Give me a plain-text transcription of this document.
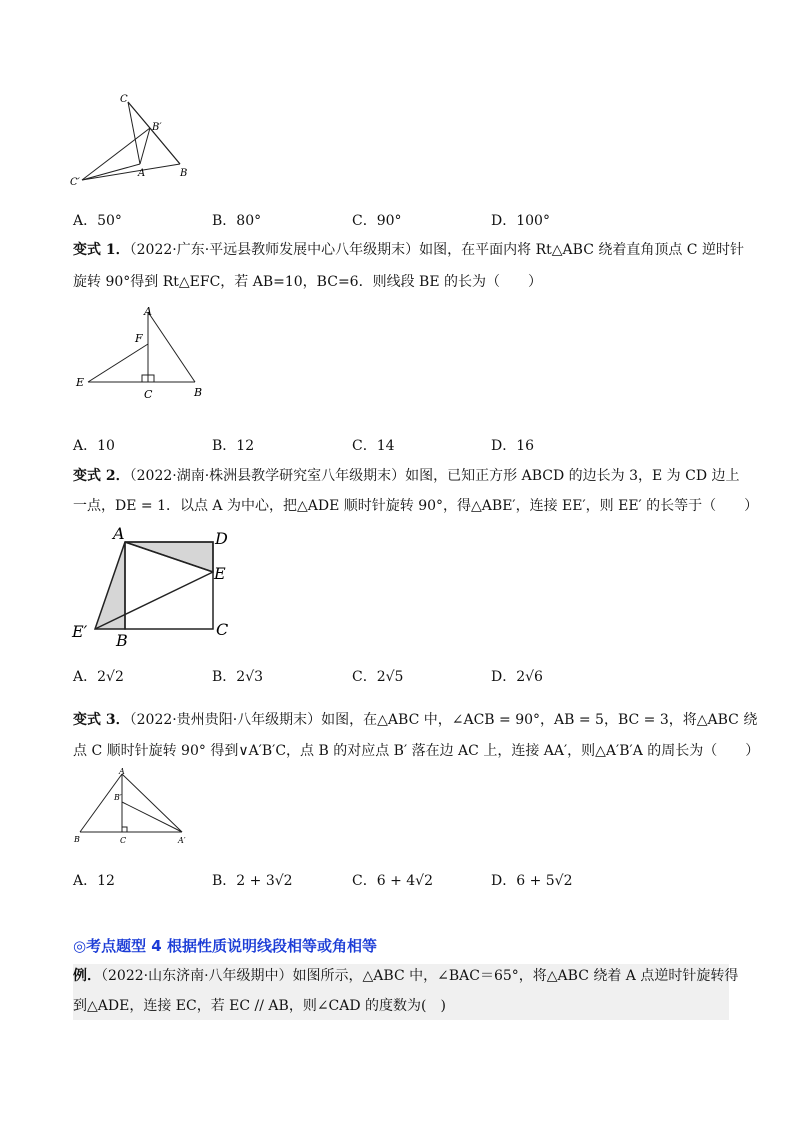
C
B′
C′
A	B
A．50°	B．80°	C．90°	D．100°
变式 1．（2022·广东·平远县教师发展中心八年级期末）如图，在平面内将 Rt△ABC 绕着直角顶点 C 逆时针
旋转 90°得到 Rt△EFC，若 AB=10，BC=6．则线段 BE 的长为（　　）
A
F
E
C	B
A．10	B．12	C．14	D．16
变式 2．（2022·湖南·株洲县教学研究室八年级期末）如图，已知正方形 ABCD 的边长为 3，E 为 CD 边上
一点，DE = 1．以点 A 为中心，把△ADE 顺时针旋转 90°，得△ABE′，连接 EE′，则 EE′ 的长等于（　　）
A	D
E
E′ B
C
A．2√2	B．2√3	C．2√5	D．2√6
变式 3．（2022·贵州贵阳·八年级期末）如图，在△ABC 中，∠ACB = 90°，AB = 5，BC = 3，将△ABC 绕
点 C 顺时针旋转 90° 得到∨A′B′C，点 B 的对应点 B′ 落在边 AC 上，连接 AA′，则△A′B′A 的周长为（　　）
A
B′
B	C	A′
A．12	B．2 + 3√2	C．6 + 4√2	D．6 + 5√2
◎考点题型 4 根据性质说明线段相等或角相等
例．（2022·山东济南·八年级期中）如图所示，△ABC 中，∠BAC＝65°，将△ABC 绕着 A 点逆时针旋转得
到△ADE，连接 EC，若 EC // AB，则∠CAD 的度数为(　)
